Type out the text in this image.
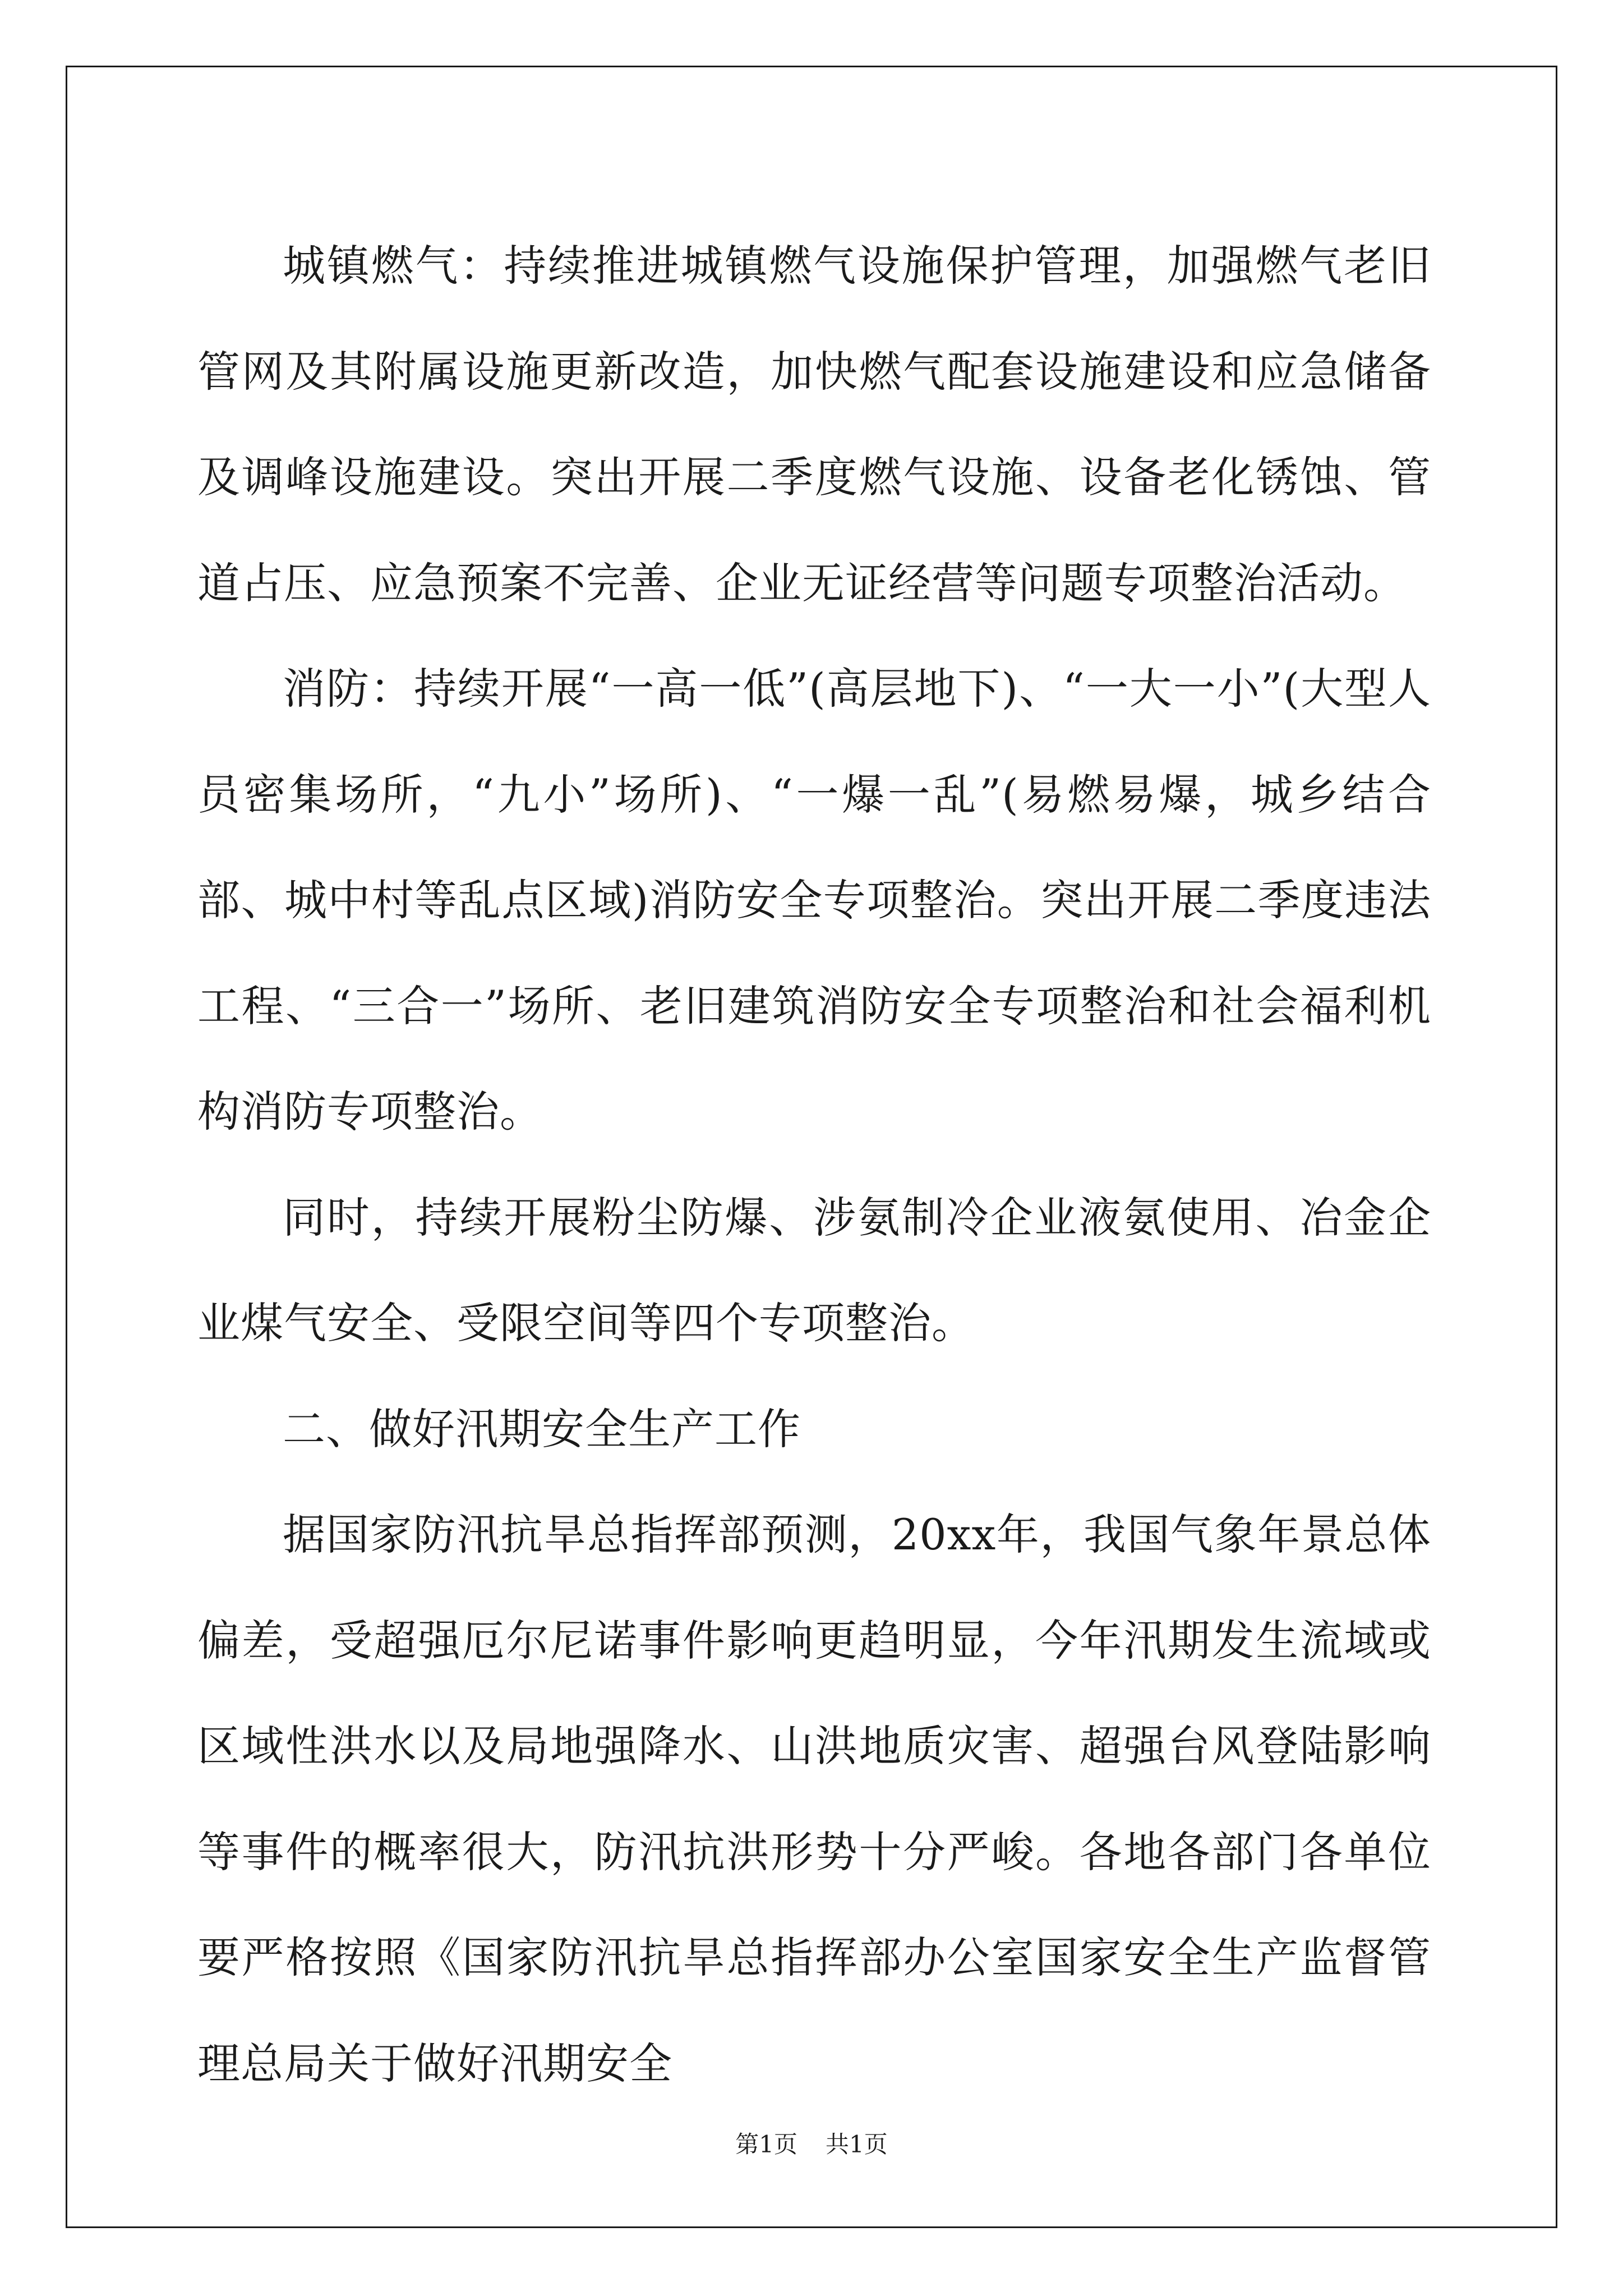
城镇燃气：持续推进城镇燃气设施保护管理，加强燃气老旧管网及其附属设施更新改造，加快燃气配套设施建设和应急储备及调峰设施建设。突出开展二季度燃气设施、设备老化锈蚀、管道占压、应急预案不完善、企业无证经营等问题专项整治活动。

消防：持续开展“一高一低”(高层地下)、“一大一小”(大型人员密集场所，“九小”场所)、“一爆一乱”(易燃易爆，城乡结合部、城中村等乱点区域)消防安全专项整治。突出开展二季度违法工程、“三合一”场所、老旧建筑消防安全专项整治和社会福利机构消防专项整治。

同时，持续开展粉尘防爆、涉氨制冷企业液氨使用、冶金企业煤气安全、受限空间等四个专项整治。

二、做好汛期安全生产工作

据国家防汛抗旱总指挥部预测，20xx年，我国气象年景总体偏差，受超强厄尔尼诺事件影响更趋明显，今年汛期发生流域或区域性洪水以及局地强降水、山洪地质灾害、超强台风登陆影响等事件的概率很大，防汛抗洪形势十分严峻。各地各部门各单位要严格按照《国家防汛抗旱总指挥部办公室国家安全生产监督管理总局关于做好汛期安全

第1页 共1页
